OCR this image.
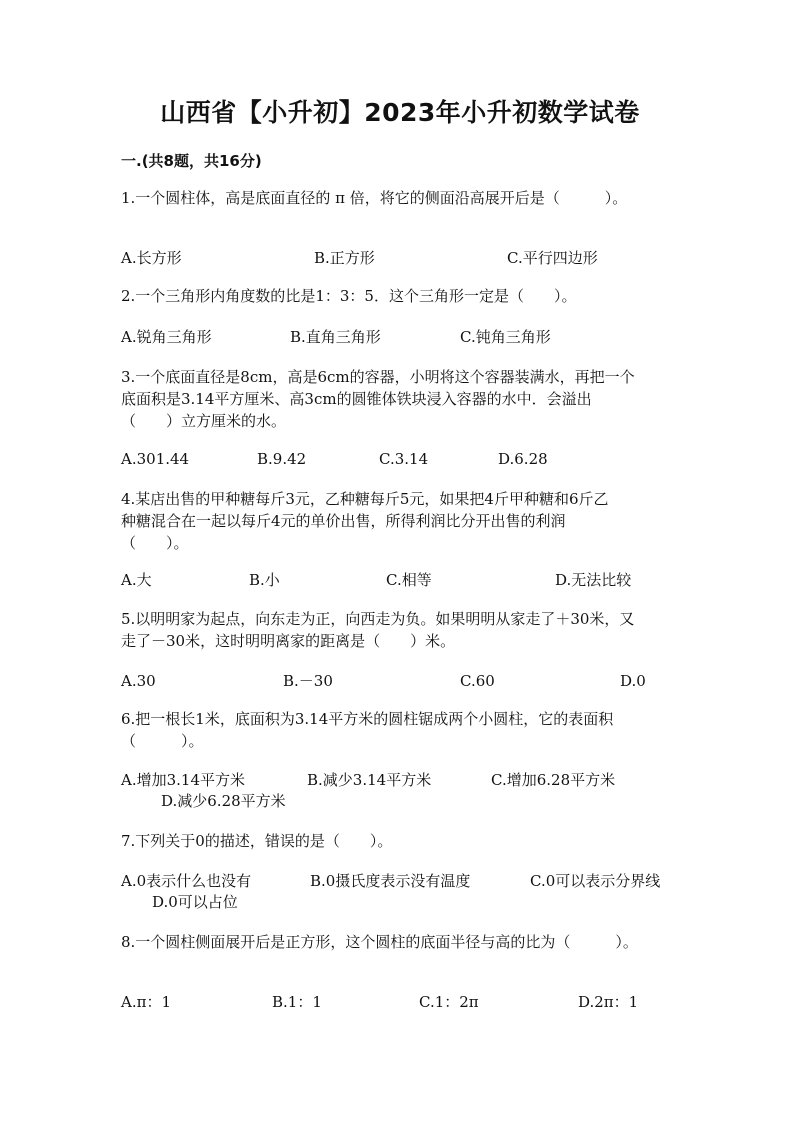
山西省【小升初】2023年小升初数学试卷
一.(共8题，共16分)
1.一个圆柱体，高是底面直径的 π 倍，将它的侧面沿高展开后是（　　　）。
A.长方形	B.正方形	C.平行四边形
2.一个三角形内角度数的比是1：3：5．这个三角形一定是（　　）。
A.锐角三角形	B.直角三角形	C.钝角三角形
3.一个底面直径是8cm，高是6cm的容器，小明将这个容器装满水，再把一个
底面积是3.14平方厘米、高3cm的圆锥体铁块浸入容器的水中．会溢出
（　　）立方厘米的水。
A.301.44	B.9.42	C.3.14	D.6.28
4.某店出售的甲种糖每斤3元，乙种糖每斤5元，如果把4斤甲种糖和6斤乙
种糖混合在一起以每斤4元的单价出售，所得利润比分开出售的利润
（　　）。
A.大	B.小	C.相等	D.无法比较
5.以明明家为起点，向东走为正，向西走为负。如果明明从家走了＋30米，又
走了－30米，这时明明离家的距离是（　　）米。
A.30	B.－30	C.60	D.0
6.把一根长1米，底面积为3.14平方米的圆柱锯成两个小圆柱，它的表面积
（　　　）。
A.增加3.14平方米	B.减少3.14平方米	C.增加6.28平方米
D.减少6.28平方米
7.下列关于0的描述，错误的是（　　）。
A.0表示什么也没有	B.0摄氏度表示没有温度	C.0可以表示分界线
D.0可以占位
8.一个圆柱侧面展开后是正方形，这个圆柱的底面半径与高的比为（　　　）。
A.π：1	B.1：1	C.1：2π	D.2π：1
